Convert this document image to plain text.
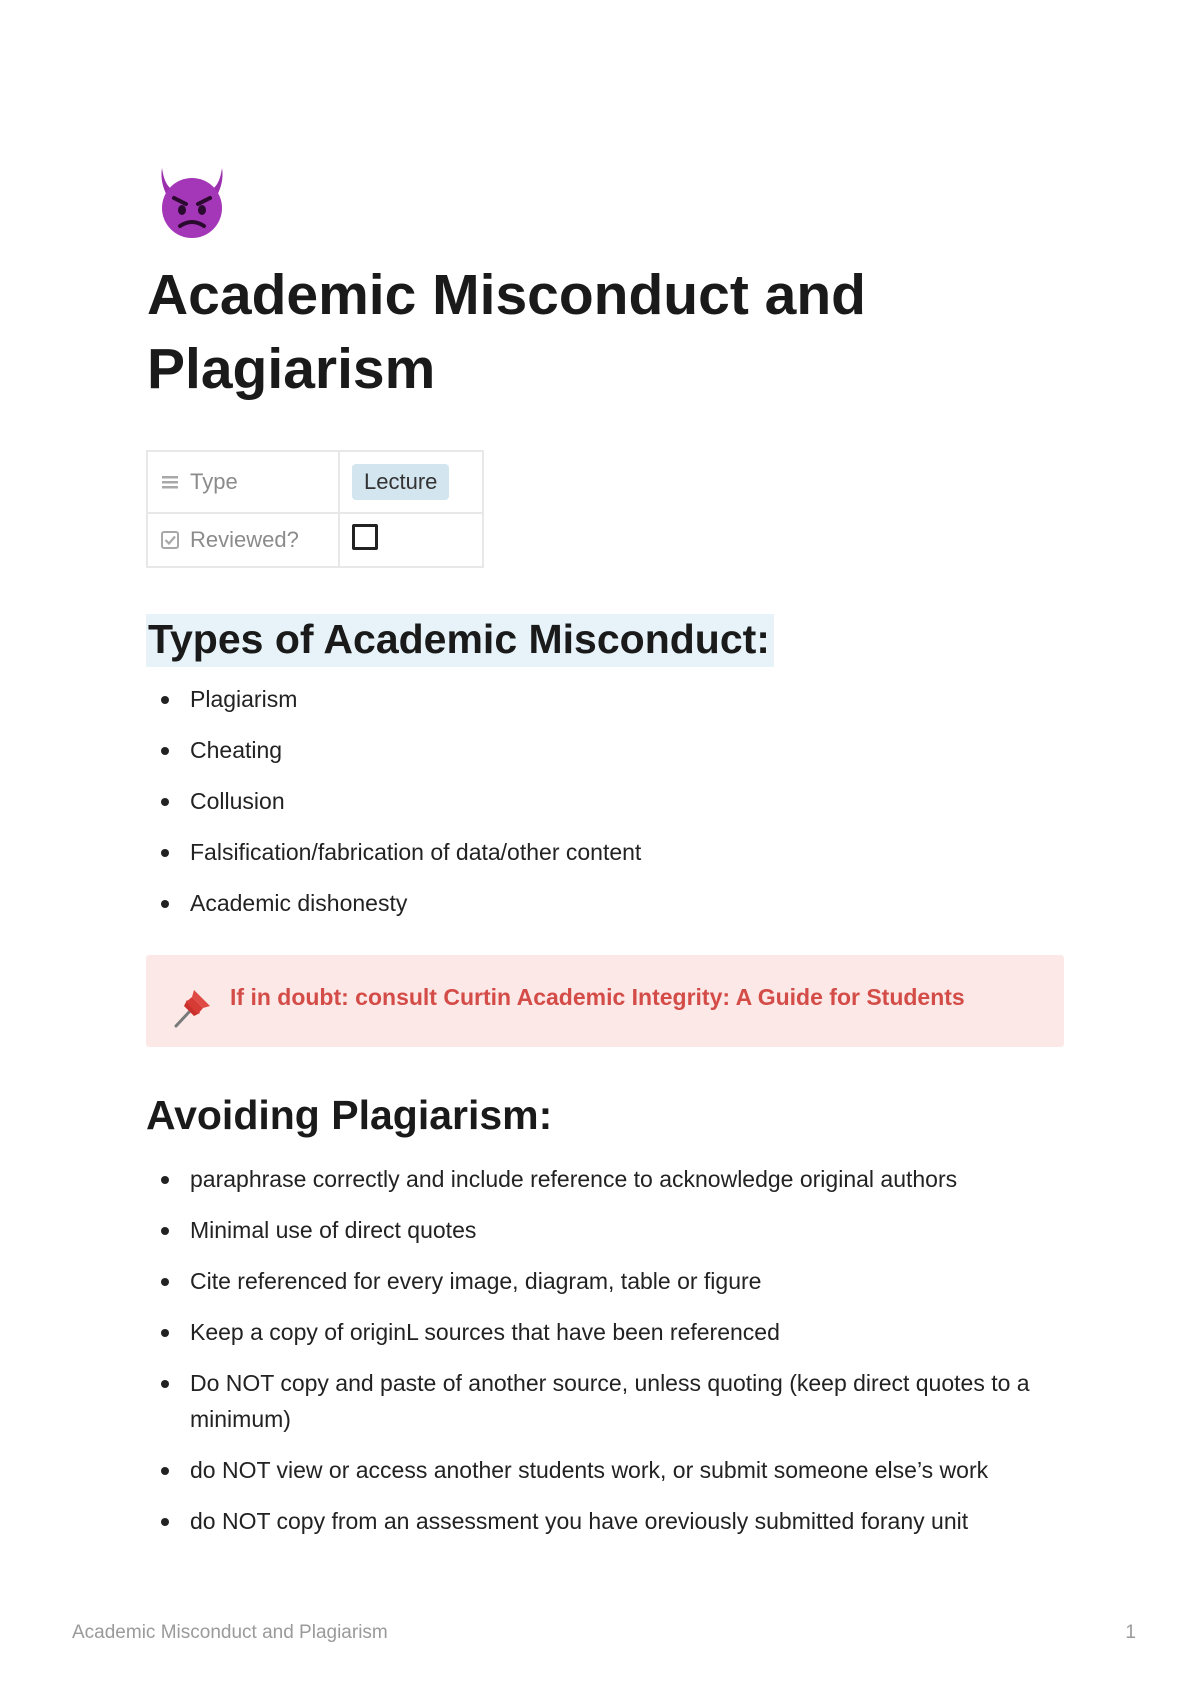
Academic Misconduct and Plagiarism
Type	Lecture

Reviewed?	

Types of Academic Misconduct:
Plagiarism
Cheating
Collusion
Falsification/fabrication of data/other content
Academic dishonesty
If in doubt: consult Curtin Academic Integrity: A Guide for Students
Avoiding Plagiarism:
paraphrase correctly and include reference to acknowledge original authors
Minimal use of direct quotes
Cite referenced for every image, diagram, table or figure
Keep a copy of originL sources that have been referenced
Do NOT copy and paste of another source, unless quoting (keep direct quotes to a minimum)
do NOT view or access another students work, or submit someone else’s work
do NOT copy from an assessment you have oreviously submitted forany unit
Academic Misconduct and Plagiarism	1
